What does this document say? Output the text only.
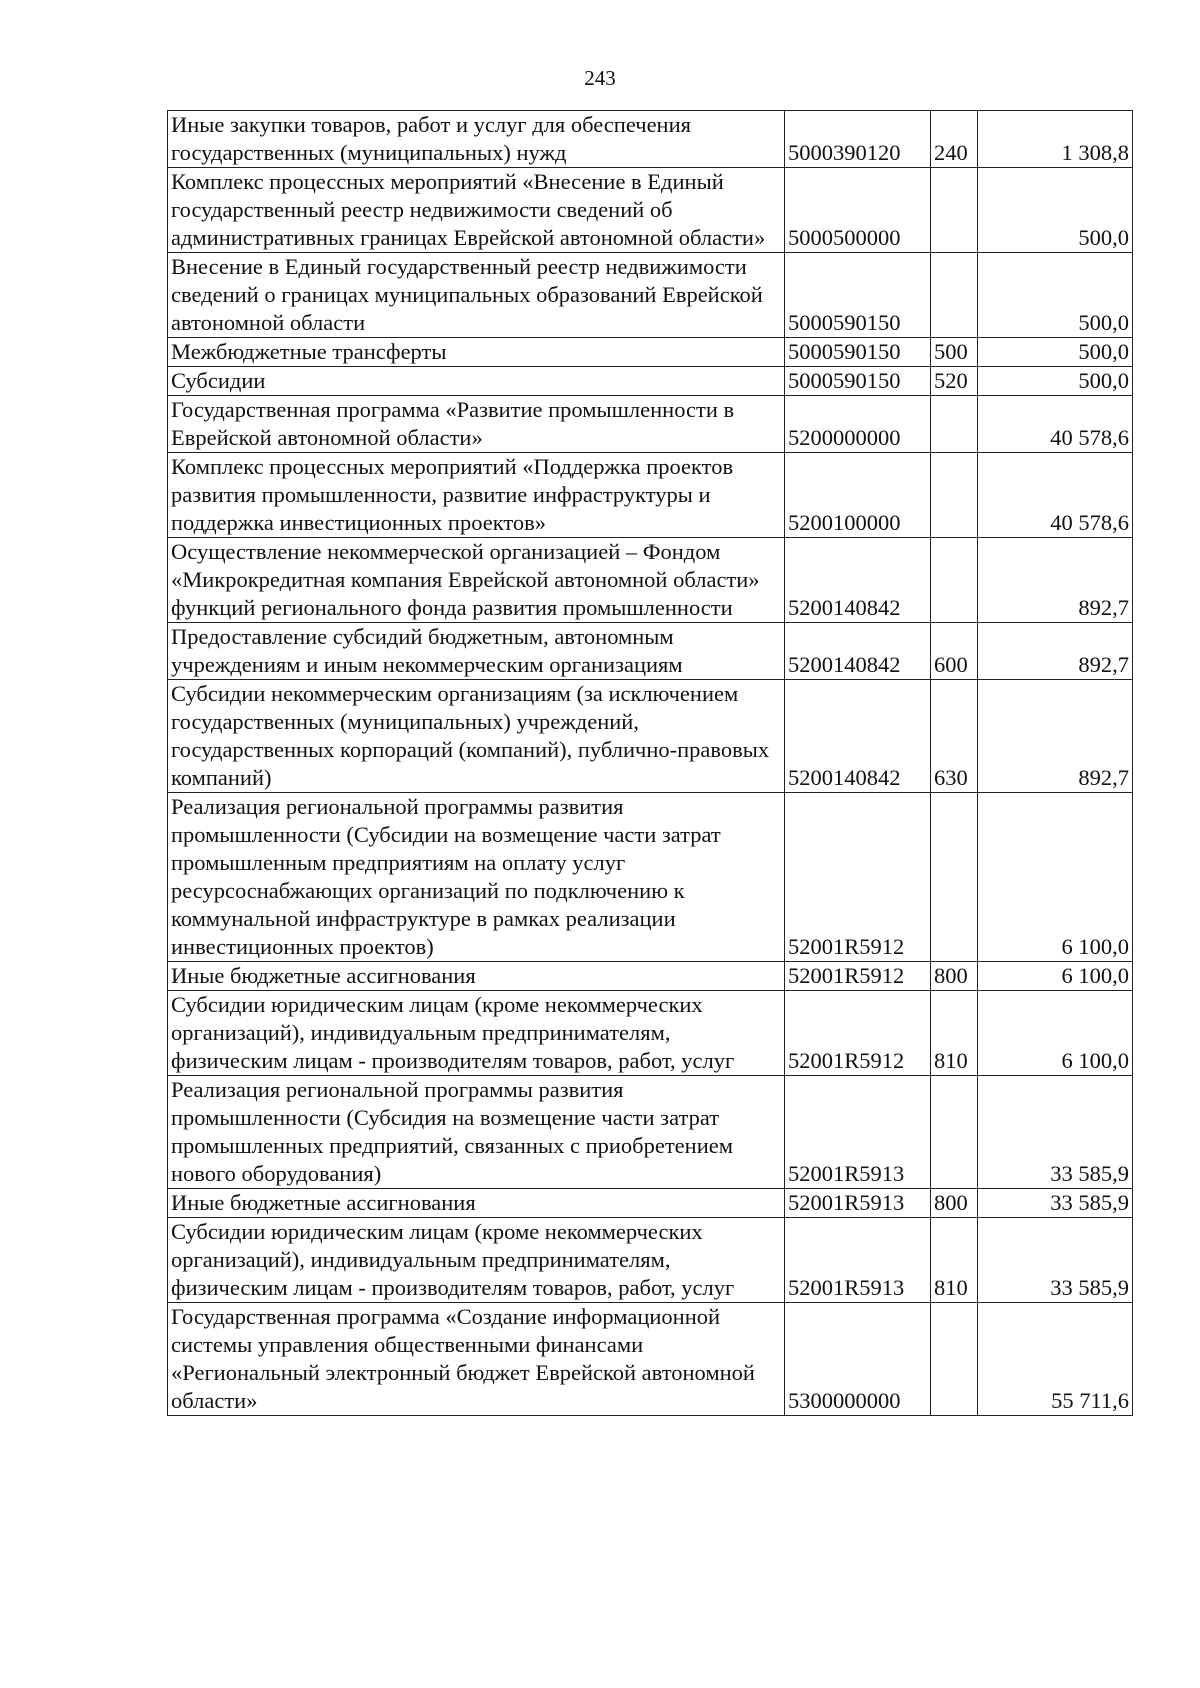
243
Иные закупки товаров, работ и услуг для обеспечения государственных (муниципальных) нужд	5000390120	240	1 308,8
Комплекс процессных мероприятий «Внесение в Единый государственный реестр недвижимости сведений об административных границах Еврейской автономной области»	5000500000		500,0
Внесение в Единый государственный реестр недвижимости сведений о границах муниципальных образований Еврейской автономной области	5000590150		500,0
Межбюджетные трансферты	5000590150	500	500,0
Субсидии	5000590150	520	500,0
Государственная программа «Развитие промышленности в Еврейской автономной области»	5200000000		40 578,6
Комплекс процессных мероприятий «Поддержка проектов развития промышленности, развитие инфраструктуры и поддержка инвестиционных проектов»	5200100000		40 578,6
Осуществление некоммерческой организацией – Фондом «Микрокредитная компания Еврейской автономной области» функций регионального фонда развития промышленности	5200140842		892,7
Предоставление субсидий бюджетным, автономным учреждениям и иным некоммерческим организациям	5200140842	600	892,7
Субсидии некоммерческим организациям (за исключением государственных (муниципальных) учреждений, государственных корпораций (компаний), публично-правовых компаний)	5200140842	630	892,7
Реализация региональной программы развития промышленности (Субсидии на возмещение части затрат промышленным предприятиям на оплату услуг ресурсоснабжающих организаций по подключению к коммунальной инфраструктуре в рамках реализации инвестиционных проектов)	52001R5912		6 100,0
Иные бюджетные ассигнования	52001R5912	800	6 100,0
Субсидии юридическим лицам (кроме некоммерческих организаций), индивидуальным предпринимателям, физическим лицам - производителям товаров, работ, услуг	52001R5912	810	6 100,0
Реализация региональной программы развития промышленности (Субсидия на возмещение части затрат промышленных предприятий, связанных с приобретением нового оборудования)	52001R5913		33 585,9
Иные бюджетные ассигнования	52001R5913	800	33 585,9
Субсидии юридическим лицам (кроме некоммерческих организаций), индивидуальным предпринимателям, физическим лицам - производителям товаров, работ, услуг	52001R5913	810	33 585,9
Государственная программа «Создание информационной системы управления общественными финансами «Региональный электронный бюджет Еврейской автономной области»	5300000000		55 711,6
